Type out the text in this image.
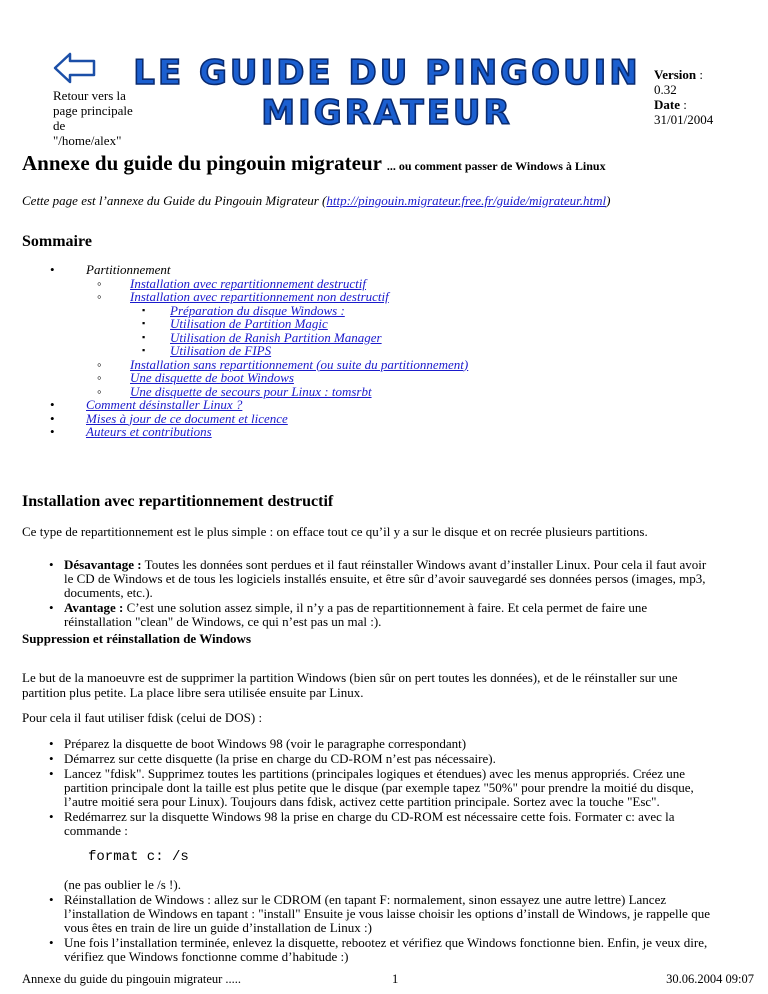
Retour vers la page principale de "/home/alex"
LE GUIDE DU PINGOUIN
MIGRATEUR
Version :
0.32
Date :
31/01/2004
Annexe du guide du pingouin migrateur ... ou comment passer de Windows à Linux
Cette page est l’annexe du Guide du Pingouin Migrateur (http://pingouin.migrateur.free.fr/guide/migrateur.html)
Sommaire
• Partitionnement
◦ Installation avec repartitionnement destructif
◦ Installation avec repartitionnement non destructif
▪ Préparation du disque Windows :
▪ Utilisation de Partition Magic
▪ Utilisation de Ranish Partition Manager
▪ Utilisation de FIPS
◦ Installation sans repartitionnement (ou suite du partitionnement)
◦ Une disquette de boot Windows
◦ Une disquette de secours pour Linux : tomsrbt
• Comment désinstaller Linux ?
• Mises à jour de ce document et licence
• Auteurs et contributions
Installation avec repartitionnement destructif
Ce type de repartitionnement est le plus simple : on efface tout ce qu’il y a sur le disque et on recrée plusieurs partitions.
• Désavantage : Toutes les données sont perdues et il faut réinstaller Windows avant d’installer Linux. Pour cela il faut avoir le CD de Windows et de tous les logiciels installés ensuite, et être sûr d’avoir sauvegardé ses données persos (images, mp3, documents, etc.).
• Avantage : C’est une solution assez simple, il n’y a pas de repartitionnement à faire. Et cela permet de faire une réinstallation "clean" de Windows, ce qui n’est pas un mal :).
Suppression et réinstallation de Windows
Le but de la manoeuvre est de supprimer la partition Windows (bien sûr on pert toutes les données), et de le réinstaller sur une partition plus petite. La place libre sera utilisée ensuite par Linux.
Pour cela il faut utiliser fdisk (celui de DOS) :
• Préparez la disquette de boot Windows 98 (voir le paragraphe correspondant)
• Démarrez sur cette disquette (la prise en charge du CD-ROM n’est pas nécessaire).
• Lancez "fdisk". Supprimez toutes les partitions (principales logiques et étendues) avec les menus appropriés. Créez une partition principale dont la taille est plus petite que le disque (par exemple tapez "50%" pour prendre la moitié du disque, l’autre moitié sera pour Linux). Toujours dans fdisk, activez cette partition principale. Sortez avec la touche "Esc".
• Redémarrez sur la disquette Windows 98 la prise en charge du CD-ROM est nécessaire cette fois. Formater c: avec la commande :
format c: /s
(ne pas oublier le /s !).
• Réinstallation de Windows : allez sur le CDROM (en tapant F: normalement, sinon essayez une autre lettre) Lancez l’installation de Windows en tapant : "install" Ensuite je vous laisse choisir les options d’install de Windows, je rappelle que vous êtes en train de lire un guide d’installation de Linux :)
• Une fois l’installation terminée, enlevez la disquette, rebootez et vérifiez que Windows fonctionne bien. Enfin, je veux dire, vérifiez que Windows fonctionne comme d’habitude :)
Annexe du guide du pingouin migrateur .....	1	30.06.2004 09:07
